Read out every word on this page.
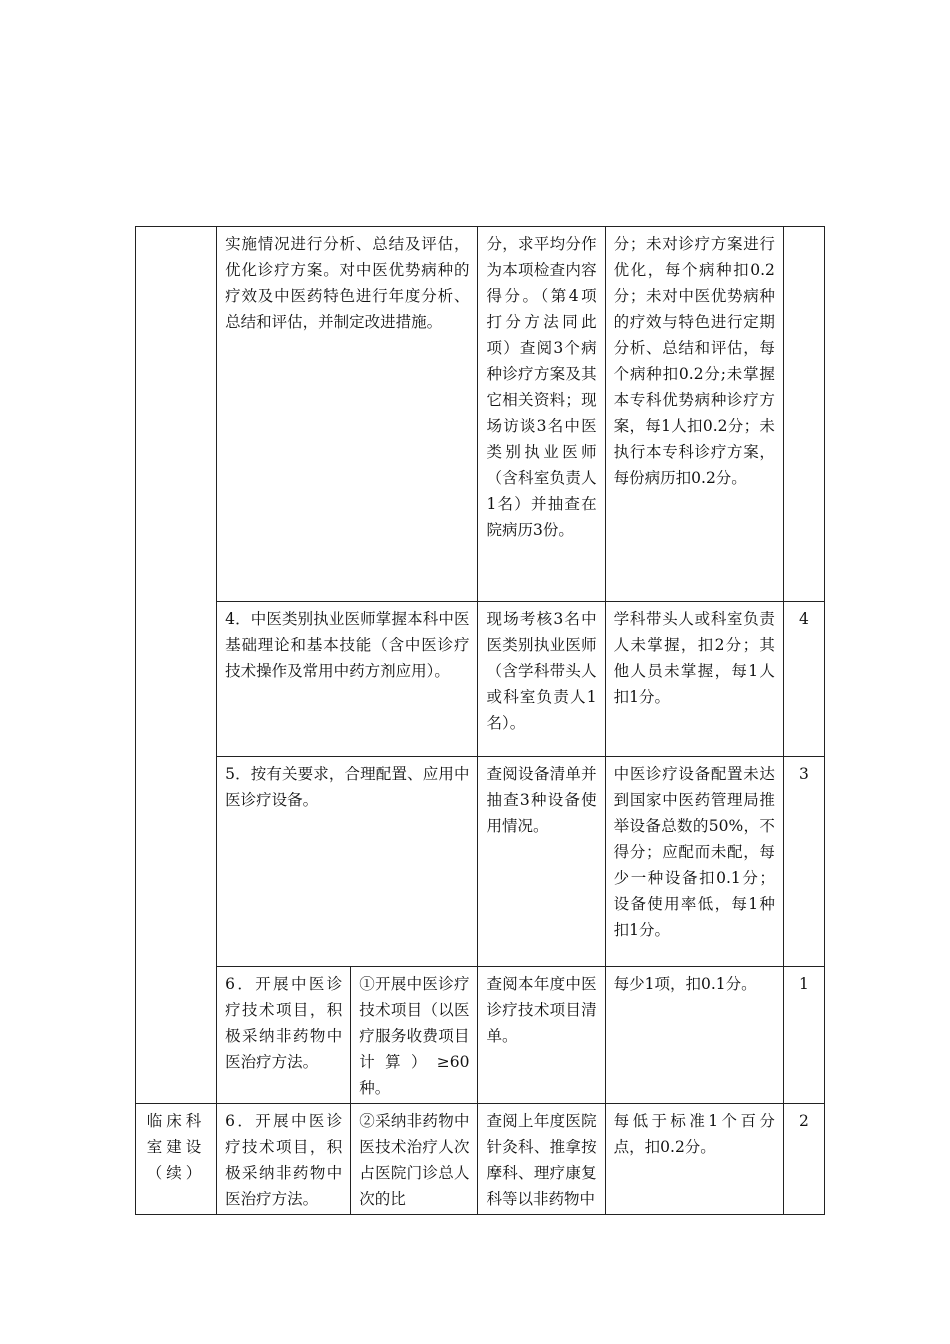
	实施情况进行分析、总结及评估，优化诊疗方案。对中医优势病种的疗效及中医药特色进行年度分析、总结和评估，并制定改进措施。		分，求平均分作为本项检查内容得分。（第4项打分方法同此项）查阅3个病种诊疗方案及其它相关资料；现场访谈3名中医类别执业医师（含科室负责人1名）并抽查在院病历3份。	分；未对诊疗方案进行优化，每个病种扣0.2分；未对中医优势病种的疗效与特色进行定期分析、总结和评估，每个病种扣0.2分;未掌握本专科优势病种诊疗方案，每1人扣0.2分；未执行本专科诊疗方案，每份病历扣0.2分。	
	4．中医类别执业医师掌握本科中医基础理论和基本技能（含中医诊疗技术操作及常用中药方剂应用）。		现场考核3名中医类别执业医师（含学科带头人或科室负责人1名）。	学科带头人或科室负责人未掌握，扣2分；其他人员未掌握，每1人扣1分。	4
	5．按有关要求，合理配置、应用中医诊疗设备。		查阅设备清单并抽查3种设备使用情况。	中医诊疗设备配置未达到国家中医药管理局推举设备总数的50%，不得分；应配而未配，每少一种设备扣0.1分；设备使用率低，每1种扣1分。	3
	6．开展中医诊疗技术项目，积极采纳非药物中医治疗方法。	①开展中医诊疗技术项目（以医疗服务收费项目计算）≥60种。	查阅本年度中医诊疗技术项目清单。	每少1项，扣0.1分。	1
临床科室建设（续）	6．开展中医诊疗技术项目，积极采纳非药物中医治疗方法。	②采纳非药物中医技术治疗人次占医院门诊总人次的比	查阅上年度医院针灸科、推拿按摩科、理疗康复科等以非药物中	每低于标准1个百分点，扣0.2分。	2
